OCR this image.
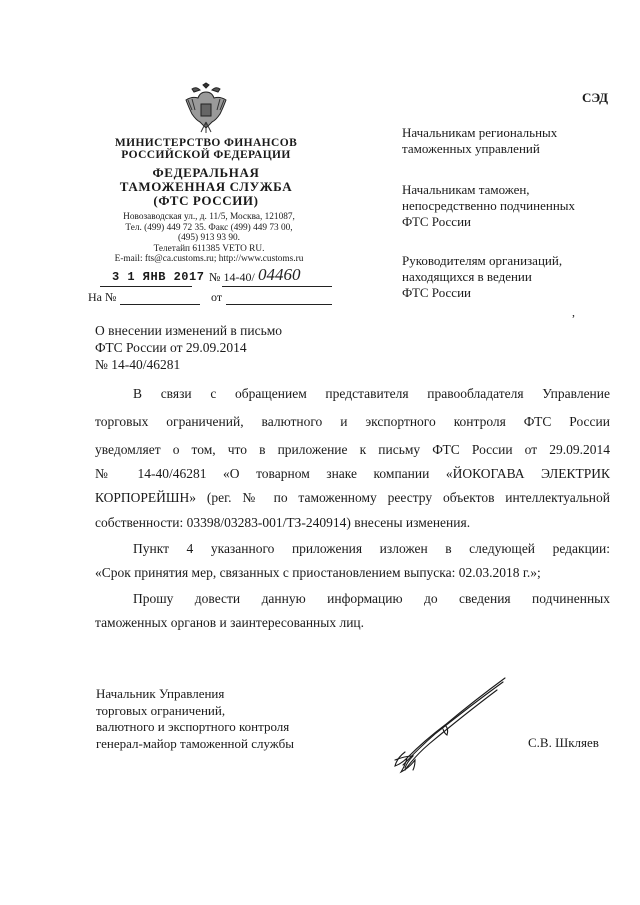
МИНИСТЕРСТВО ФИНАНСОВ
РОССИЙСКОЙ ФЕДЕРАЦИИ
ФЕДЕРАЛЬНАЯ
ТАМОЖЕННАЯ СЛУЖБА
(ФТС РОССИИ)
Новозаводская ул., д. 11/5, Москва, 121087,
Тел. (499) 449 72 35. Факс (499) 449 73 00,
(495) 913 93 90.
Телетайп 611385 VETO RU.
E-mail: fts@ca.customs.ru; http://www.customs.ru
3 1 ЯНВ 2017 № 14-40/ 04460
На №	от
СЭД
Начальникам региональных
таможенных управлений
Начальникам таможен,
непосредственно подчиненных
ФТС России
Руководителям организаций,
находящихся в ведении
ФТС России
,
О внесении изменений в письмо
ФТС России от 29.09.2014
№ 14-40/46281
В связи с обращением представителя правообладателя Управление
торговых ограничений, валютного и экспортного контроля ФТС России
уведомляет о том, что в приложение к письму ФТС России от 29.09.2014
№ 14-40/46281 «О товарном знаке компании «ЙОКОГАВА ЭЛЕКТРИК
КОРПОРЕЙШН» (рег. № по таможенному реестру объектов интеллектуальной
собственности: 03398/03283-001/ТЗ-240914) внесены изменения.
Пункт 4 указанного приложения изложен в следующей редакции:
«Срок принятия мер, связанных с приостановлением выпуска: 02.03.2018 г.»;
Прошу довести данную информацию до сведения подчиненных
таможенных органов и заинтересованных лиц.
Начальник Управления
торговых ограничений,
валютного и экспортного контроля
генерал-майор таможенной службы	С.В. Шкляев
